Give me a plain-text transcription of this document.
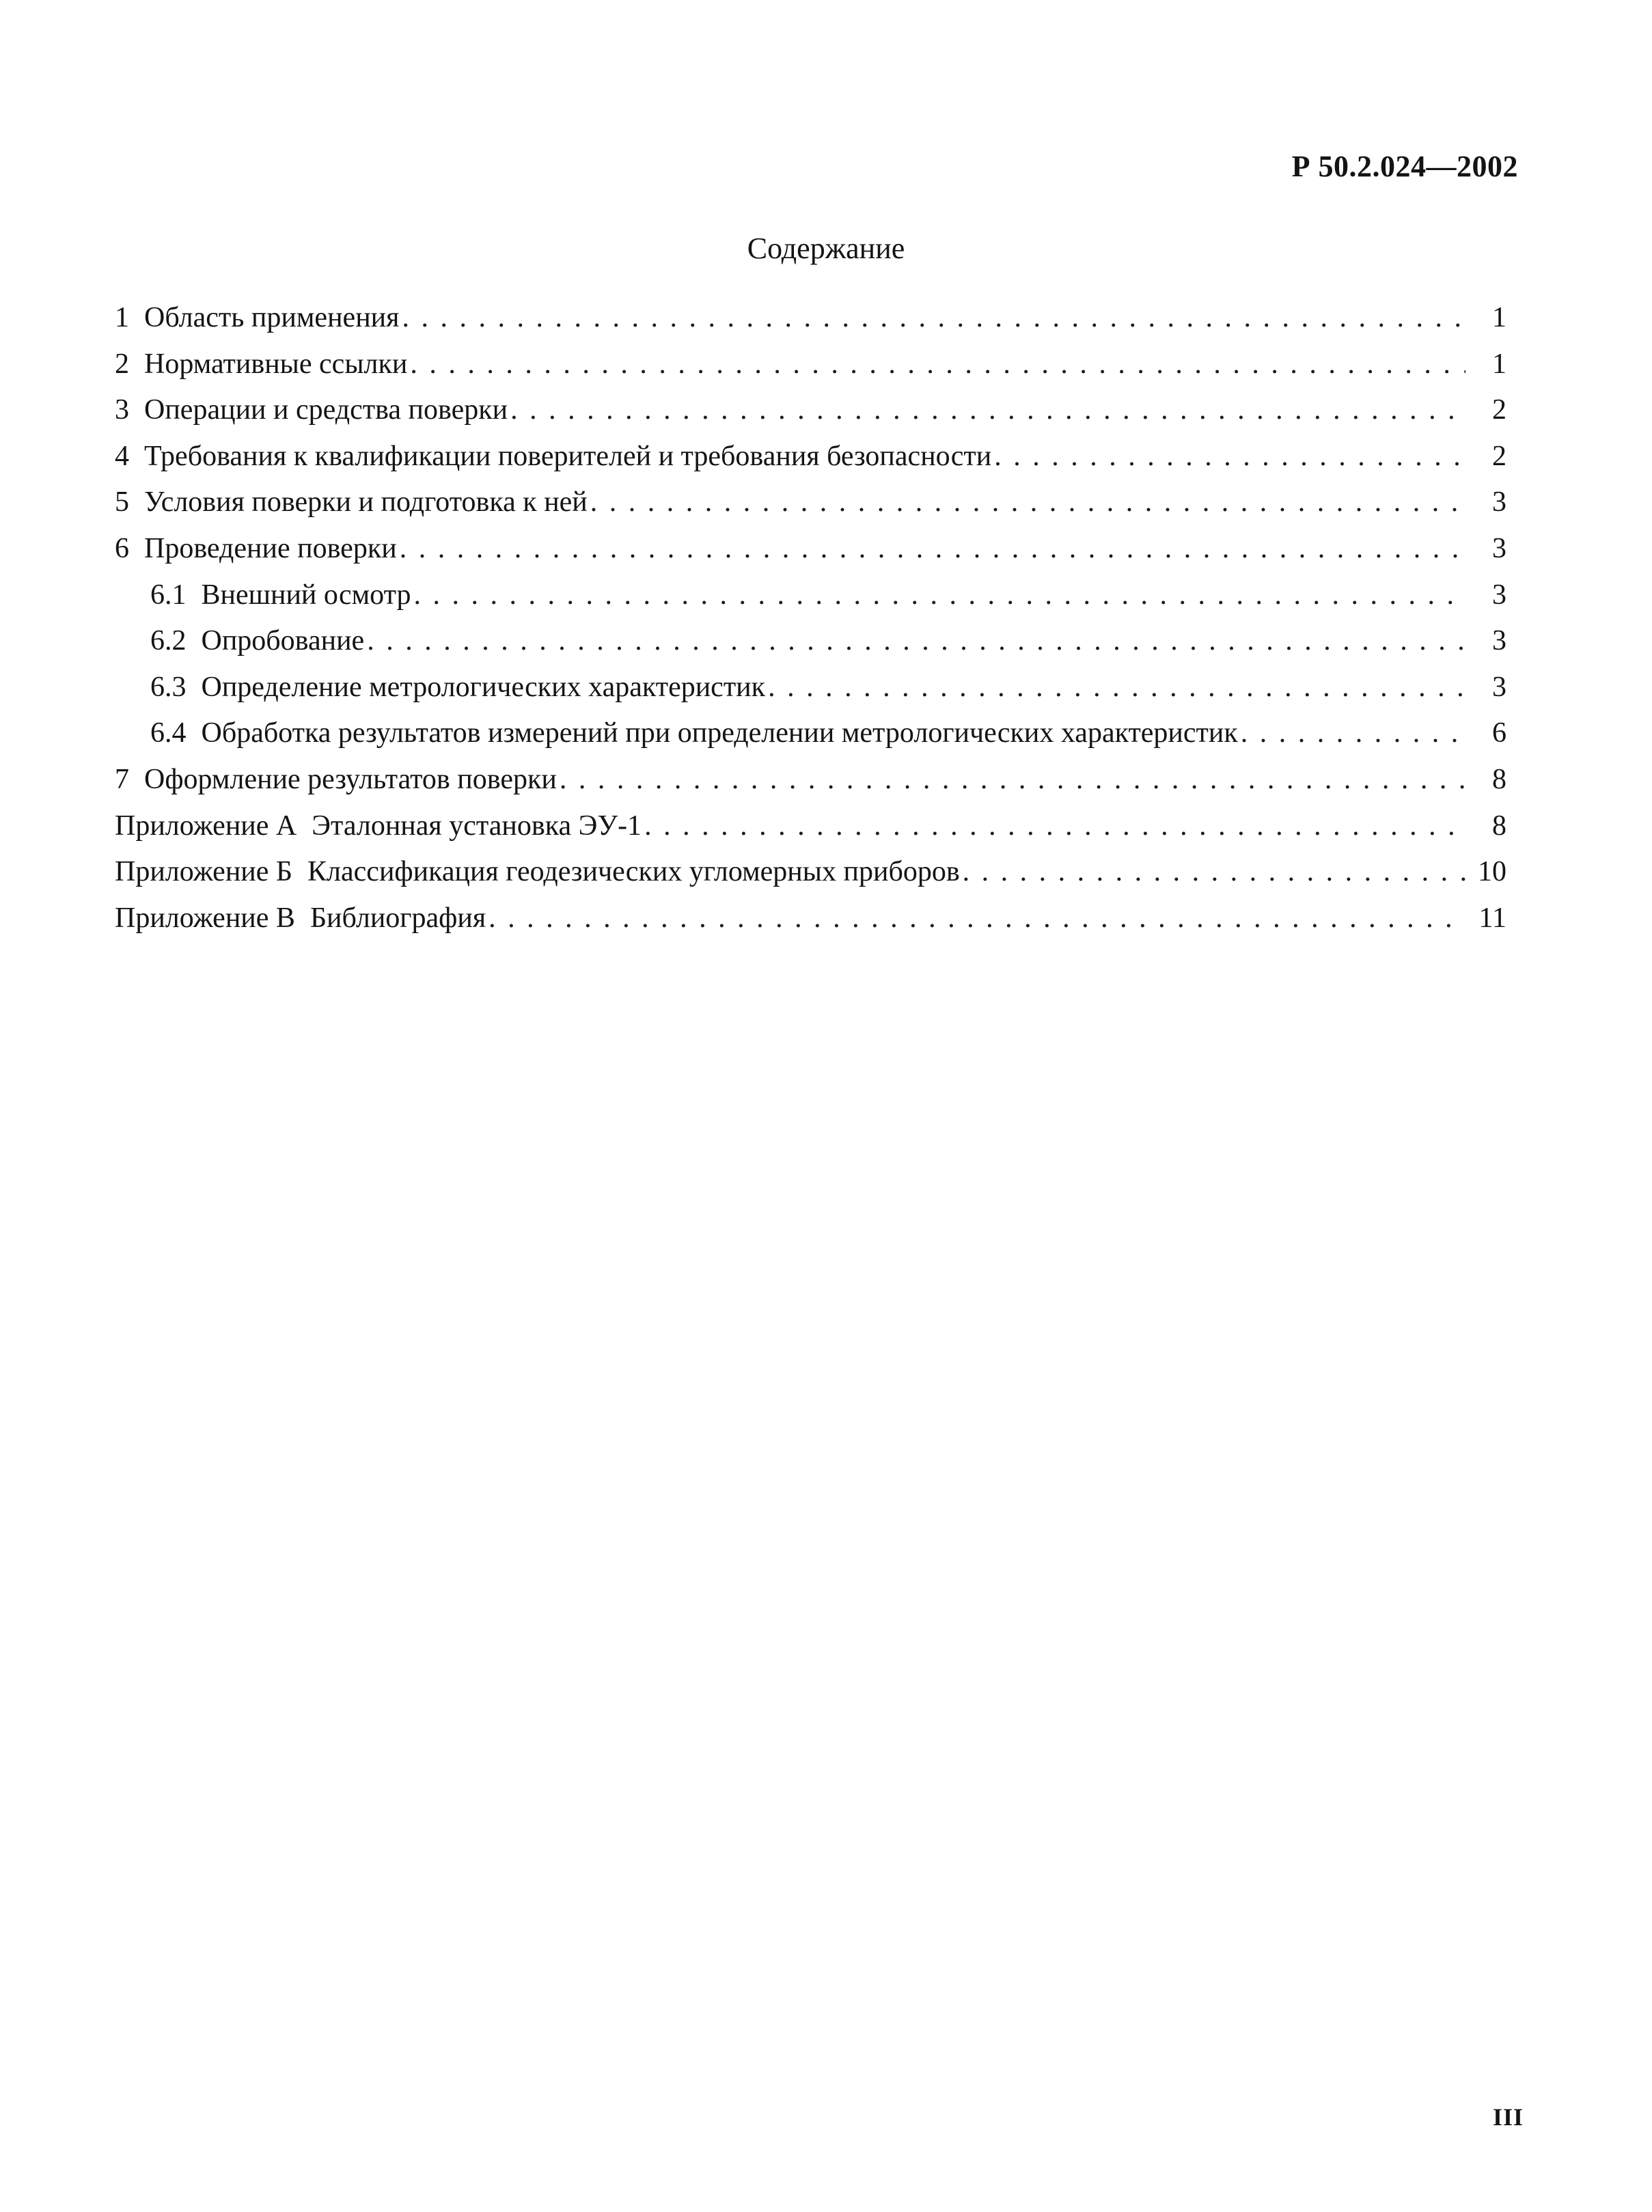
Р 50.2.024—2002
Содержание
1 Область применения . . .	1
2 Нормативные ссылки . . .	1
3 Операции и средства поверки . . .	2
4 Требования к квалификации поверителей и требования безопасности . . .	2
5 Условия поверки и подготовка к ней . . .	3
6 Проведение поверки . . .	3
6.1 Внешний осмотр . . .	3
6.2 Опробование . . .	3
6.3 Определение метрологических характеристик . . .	3
6.4 Обработка результатов измерений при определении метрологических характеристик . . .	6
7 Оформление результатов поверки . . .	8
Приложение А Эталонная установка ЭУ-1 . . .	8
Приложение Б Классификация геодезических угломерных приборов . . .	10
Приложение В Библиография . . .	11
III
